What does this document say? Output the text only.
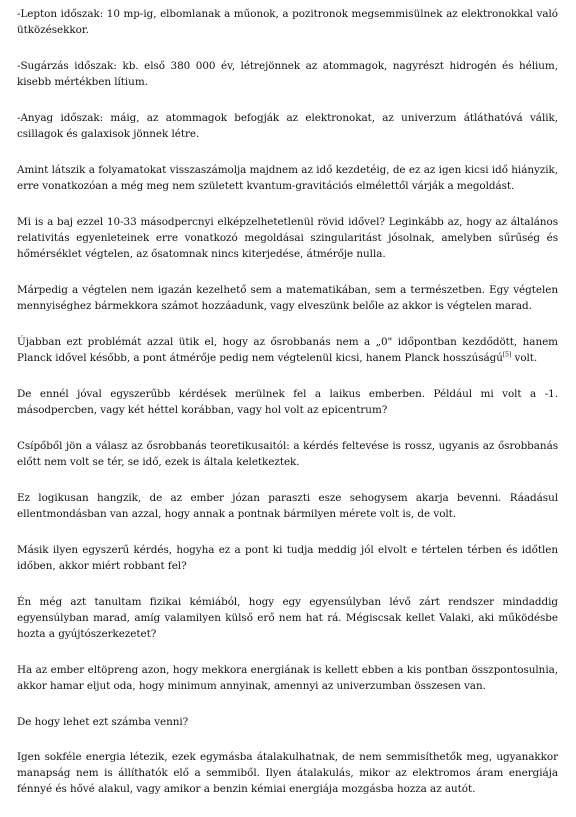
-Lepton időszak: 10 mp-ig, elbomlanak a műonok, a pozitronok megsemmisülnek az elektronokkal való ütközésekkor.

-Sugárzás időszak: kb. első 380 000 év, létrejönnek az atommagok, nagyrészt hidrogén és hélium, kisebb mértékben lítium.

-Anyag időszak: máig, az atommagok befogják az elektronokat, az univerzum átláthatóvá válik, csillagok és galaxisok jönnek létre.

Amint látszik a folyamatokat visszaszámolja majdnem az idő kezdetéig, de ez az igen kicsi idő hiányzik, erre vonatkozóan a még meg nem született kvantum-gravitációs elmélettől várják a megoldást.

Mi is a baj ezzel 10-33 másodpercnyi elképzelhetetlenül rövid idővel? Leginkább az, hogy az általános relativitás egyenleteinek erre vonatkozó megoldásai szingularitást jósolnak, amelyben sűrűség és hőmérséklet végtelen, az ősatomnak nincs kiterjedése, átmérője nulla.

Márpedig a végtelen nem igazán kezelhető sem a matematikában, sem a természetben. Egy végtelen mennyiséghez bármekkora számot hozzáadunk, vagy elveszünk belőle az akkor is végtelen marad.

Újabban ezt problémát azzal ütik el, hogy az ősrobbanás nem a „0" időpontban kezdődött, hanem Planck idővel később, a pont átmérője pedig nem végtelenül kicsi, hanem Planck hosszúságú[5] volt.

De ennél jóval egyszerűbb kérdések merülnek fel a laikus emberben. Például mi volt a -1. másodpercben, vagy két héttel korábban, vagy hol volt az epicentrum?

Csípőből jön a válasz az ősrobbanás teoretikusaitól: a kérdés feltevése is rossz, ugyanis az ősrobbanás előtt nem volt se tér, se idő, ezek is általa keletkeztek.

Ez logikusan hangzik, de az ember józan paraszti esze sehogysem akarja bevenni. Ráadásul ellentmondásban van azzal, hogy annak a pontnak bármilyen mérete volt is, de volt.

Másik ilyen egyszerű kérdés, hogyha ez a pont ki tudja meddig jól elvolt e tértelen térben és időtlen időben, akkor miért robbant fel?

Én még azt tanultam fizikai kémiából, hogy egy egyensúlyban lévő zárt rendszer mindaddig egyensúlyban marad, amíg valamilyen külső erő nem hat rá. Mégiscsak kellet Valaki, aki működésbe hozta a gyújtószerkezetet?

Ha az ember eltöpreng azon, hogy mekkora energiának is kellett ebben a kis pontban összpontosulnia, akkor hamar eljut oda, hogy minimum annyinak, amennyi az univerzumban összesen van.

De hogy lehet ezt számba venni?

Igen sokféle energia létezik, ezek egymásba átalakulhatnak, de nem semmisíthetők meg, ugyanakkor manapság nem is állíthatók elő a semmiből. Ilyen átalakulás, mikor az elektromos áram energiája fénnyé és hővé alakul, vagy amikor a benzin kémiai energiája mozgásba hozza az autót.
